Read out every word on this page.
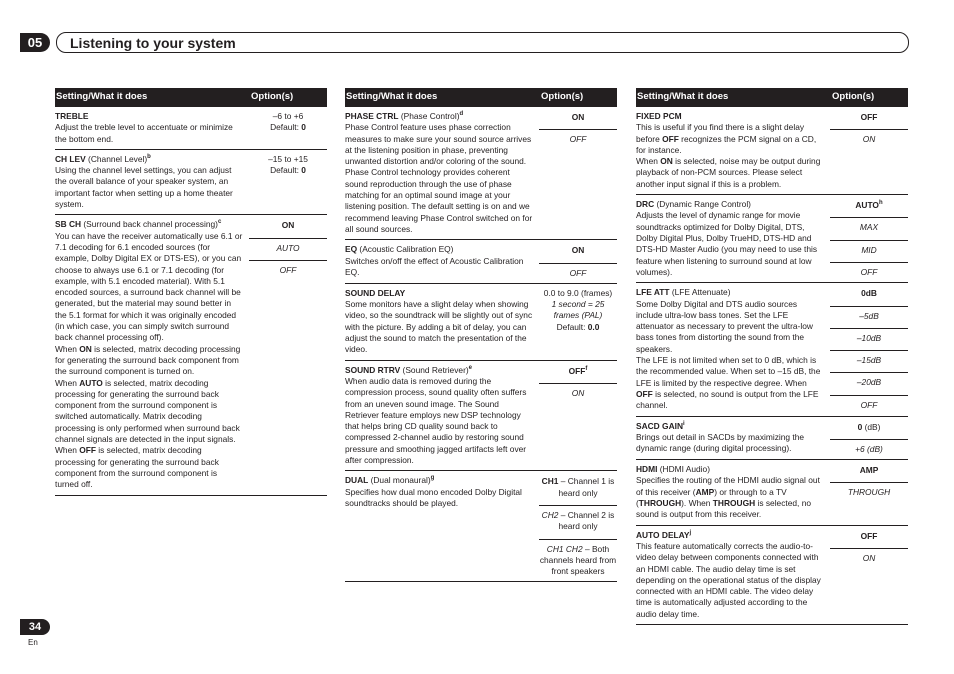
05	Listening to your system
Setting/What it does	Option(s)

TREBLE

Adjust the treble level to accentuate or minimize the bottom end.

–6 to +6
Default: 0

CH LEV (Channel Level)$^b$

Using the channel level settings, you can adjust the overall balance of your speaker system, an important factor when setting up a home theater system.

–15 to +15
Default: 0

SB CH (Surround back channel processing)$^c$

You can have the receiver automatically use 6.1 or 7.1 decoding for 6.1 encoded sources (for example, Dolby Digital EX or DTS-ES), or you can choose to always use 6.1 or 7.1 decoding (for example, with 5.1 encoded material). With 5.1 encoded sources, a surround back channel will be generated, but the material may sound better in the 5.1 format for which it was originally encoded (in which case, you can simply switch surround back channel processing off).

When ON is selected, matrix decoding processing for generating the surround back component from the surround component is turned on.

When AUTO is selected, matrix decoding processing for generating the surround back component from the surround component is switched automatically. Matrix decoding processing is only performed when surround back channel signals are detected in the input signals.

When OFF is selected, matrix decoding processing for generating the surround back component from the surround component is turned off.

ON
AUTO
OFF
Setting/What it does	Option(s)

PHASE CTRL (Phase Control)$^d$

Phase Control feature uses phase correction measures to make sure your sound source arrives at the listening position in phase, preventing unwanted distortion and/or coloring of the sound.

Phase Control technology provides coherent sound reproduction through the use of phase matching for an optimal sound image at your listening position. The default setting is on and we recommend leaving Phase Control switched on for all sound sources.

ON
OFF

EQ (Acoustic Calibration EQ)

Switches on/off the effect of Acoustic Calibration EQ.

ON
OFF

SOUND DELAY

Some monitors have a slight delay when showing video, so the soundtrack will be slightly out of sync with the picture. By adding a bit of delay, you can adjust the sound to match the presentation of the video.

0.0 to 9.0 (frames)
1 second = 25 frames (PAL)
Default: 0.0

SOUND RTRV (Sound Retriever)$^e$

When audio data is removed during the compression process, sound quality often suffers from an uneven sound image. The Sound Retriever feature employs new DSP technology that helps bring CD quality sound back to compressed 2-channel audio by restoring sound pressure and smoothing jagged artifacts left over after compression.

OFF$^f$
ON

DUAL (Dual monaural)$^g$

Specifies how dual mono encoded Dolby Digital soundtracks should be played.

CH1 – Channel 1 is heard only
CH2 – Channel 2 is heard only
CH1 CH2 – Both channels heard from front speakers
Setting/What it does	Option(s)

FIXED PCM

This is useful if you find there is a slight delay before OFF recognizes the PCM signal on a CD, for instance.

When ON is selected, noise may be output during playback of non-PCM sources. Please select another input signal if this is a problem.

OFF
ON

DRC (Dynamic Range Control)

Adjusts the level of dynamic range for movie soundtracks optimized for Dolby Digital, DTS, Dolby Digital Plus, Dolby TrueHD, DTS-HD and DTS-HD Master Audio (you may need to use this feature when listening to surround sound at low volumes).

AUTO$^h$
MAX
MID
OFF

LFE ATT (LFE Attenuate)

Some Dolby Digital and DTS audio sources include ultra-low bass tones. Set the LFE attenuator as necessary to prevent the ultra-low bass tones from distorting the sound from the speakers.

The LFE is not limited when set to 0 dB, which is the recommended value. When set to –15 dB, the LFE is limited by the respective degree. When OFF is selected, no sound is output from the LFE channel.

0dB
–5dB
–10dB
–15dB
–20dB
OFF

SACD GAIN$^i$

Brings out detail in SACDs by maximizing the dynamic range (during digital processing).

0 (dB)
+6 (dB)

HDMI (HDMI Audio)

Specifies the routing of the HDMI audio signal out of this receiver (AMP) or through to a TV (THROUGH). When THROUGH is selected, no sound is output from this receiver.

AMP
THROUGH

AUTO DELAY$^j$

This feature automatically corrects the audio-to-video delay between components connected with an HDMI cable. The audio delay time is set depending on the operational status of the display connected with an HDMI cable. The video delay time is automatically adjusted according to the audio delay time.

OFF
ON
34
En
